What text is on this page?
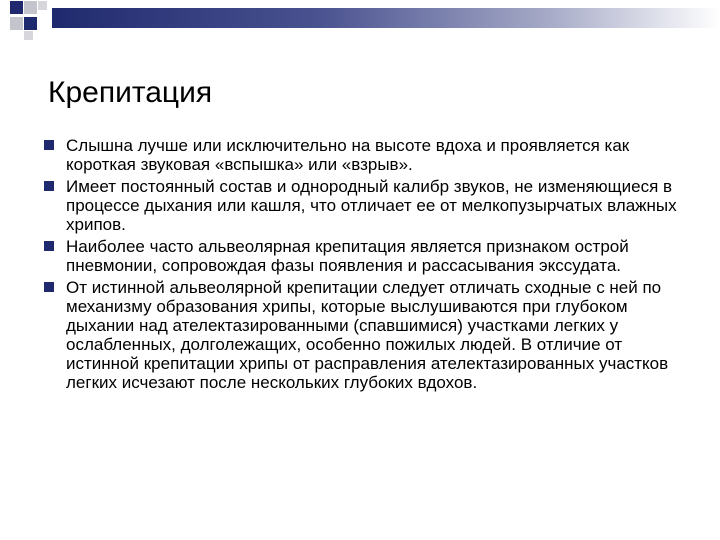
Крепитация
Слышна лучше или исключительно на высоте вдоха и проявляется как короткая звуковая «вспышка» или «взрыв».
Имеет постоянный состав и однородный калибр звуков, не изменяющиеся в процессе дыхания или кашля, что отличает ее от мелкопузырчатых влажных хрипов.
Наиболее часто альвеолярная крепитация является признаком острой пневмонии, сопровождая фазы появления и рассасывания экссудата.
От истинной альвеолярной крепитации следует отличать сходные с ней по механизму образования хрипы, которые выслушиваются при глубоком дыхании над ателектазированными (спавшимися) участками легких у ослабленных, долголежащих, особенно пожилых людей. В отличие от истинной крепитации хрипы от расправления ателектазированных участков легких исчезают после нескольких глубоких вдохов.
